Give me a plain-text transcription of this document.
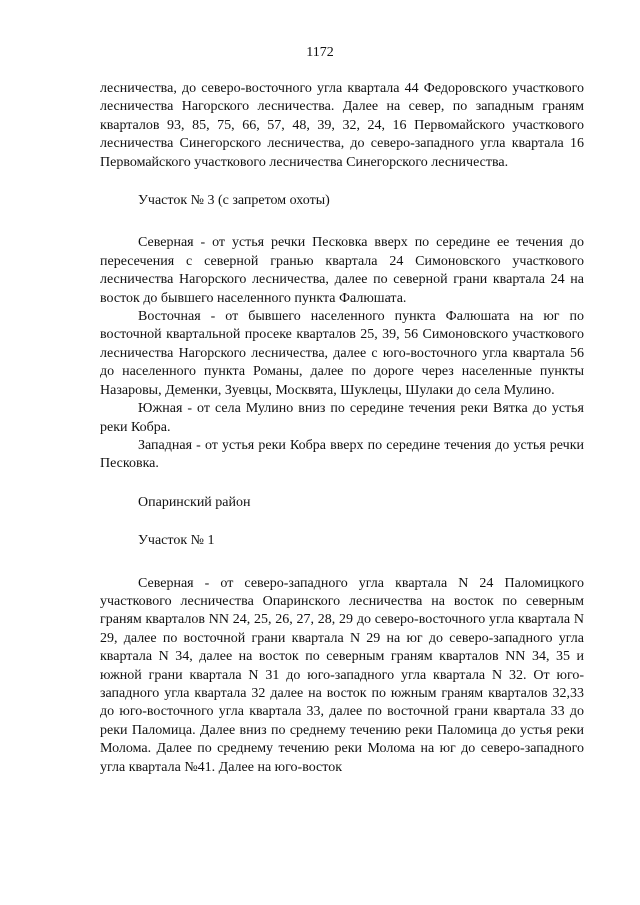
1172

лесничества, до северо-восточного угла квартала 44 Федоровского участкового лесничества Нагорского лесничества. Далее на север, по западным граням кварталов 93, 85, 75, 66, 57, 48, 39, 32, 24, 16 Первомайского участкового лесничества Синегорского лесничества, до северо-западного угла квартала 16 Первомайского участкового лесничества Синегорского лесничества.

Участок № 3 (с запретом охоты)

Северная - от устья речки Песковка вверх по середине ее течения до пересечения с северной гранью квартала 24 Симоновского участкового лесничества Нагорского лесничества, далее по северной грани квартала 24 на восток до бывшего населенного пункта Фалюшата.

Восточная - от бывшего населенного пункта Фалюшата на юг по восточной квартальной просеке кварталов 25, 39, 56 Симоновского участкового лесничества Нагорского лесничества, далее с юго-восточного угла квартала 56 до населенного пункта Романы, далее по дороге через населенные пункты Назаровы, Деменки, Зуевцы, Москвята, Шуклецы, Шулаки до села Мулино.

Южная - от села Мулино вниз по середине течения реки Вятка до устья реки Кобра.

Западная - от устья реки Кобра вверх по середине течения до устья речки Песковка.

Опаринский район

Участок № 1

Северная - от северо-западного угла квартала N 24 Паломицкого участкового лесничества Опаринского лесничества на восток по северным граням кварталов NN 24, 25, 26, 27, 28, 29 до северо-восточного угла квартала N 29, далее по восточной грани квартала N 29 на юг до северо-западного угла квартала N 34, далее на восток по северным граням кварталов NN 34, 35 и южной грани квартала N 31 до юго-западного угла квартала N 32. От юго-западного угла квартала 32 далее на восток по южным граням кварталов 32,33 до юго-восточного угла квартала 33, далее по восточной грани квартала 33 до реки Паломица. Далее вниз по среднему течению реки Паломица до устья реки Молома. Далее по среднему течению реки Молома на юг до северо-западного угла квартала №41. Далее на юго-восток
